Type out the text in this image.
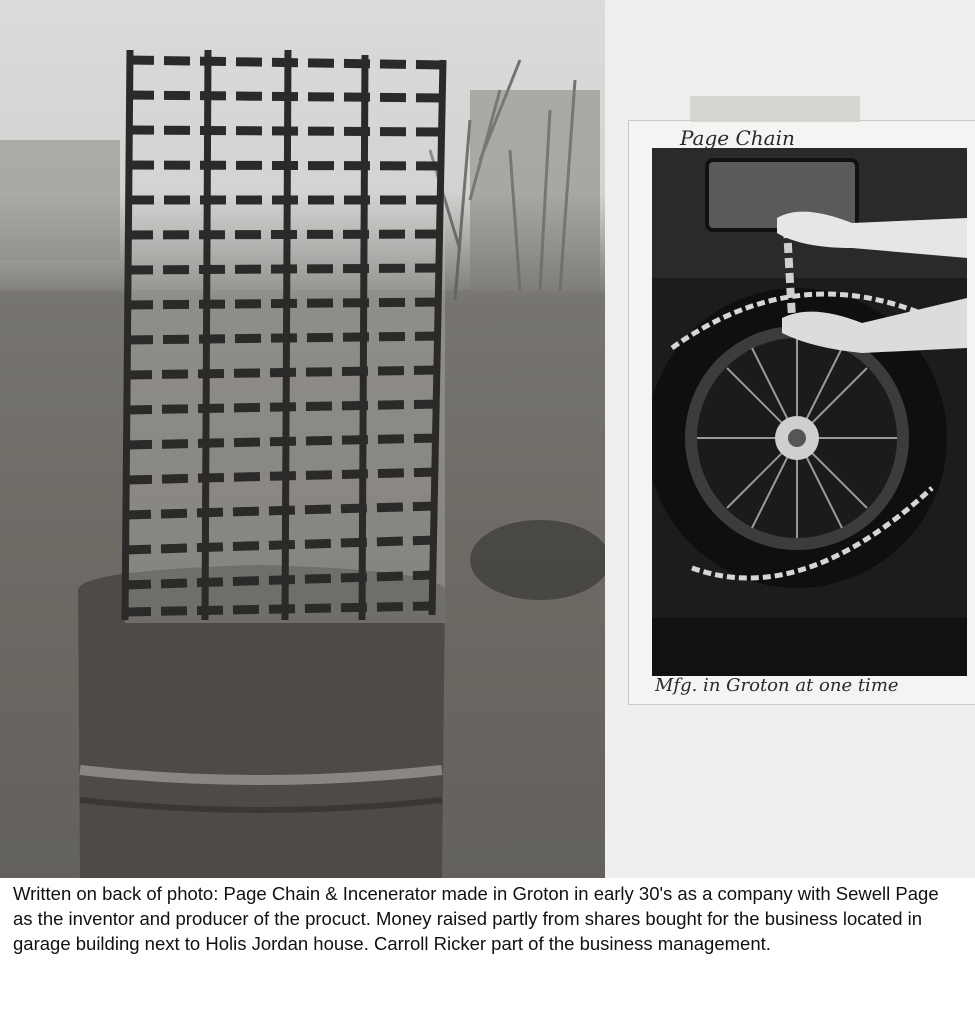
Page Chain
Mfg. in Groton at one time
Written on back of photo: Page Chain & Incenerator made in Groton in early 30's as a company with Sewell Page as the inventor and producer of the procuct. Money raised partly from shares bought for the business located in garage building next to Holis Jordan house. Carroll Ricker part of the business management.
